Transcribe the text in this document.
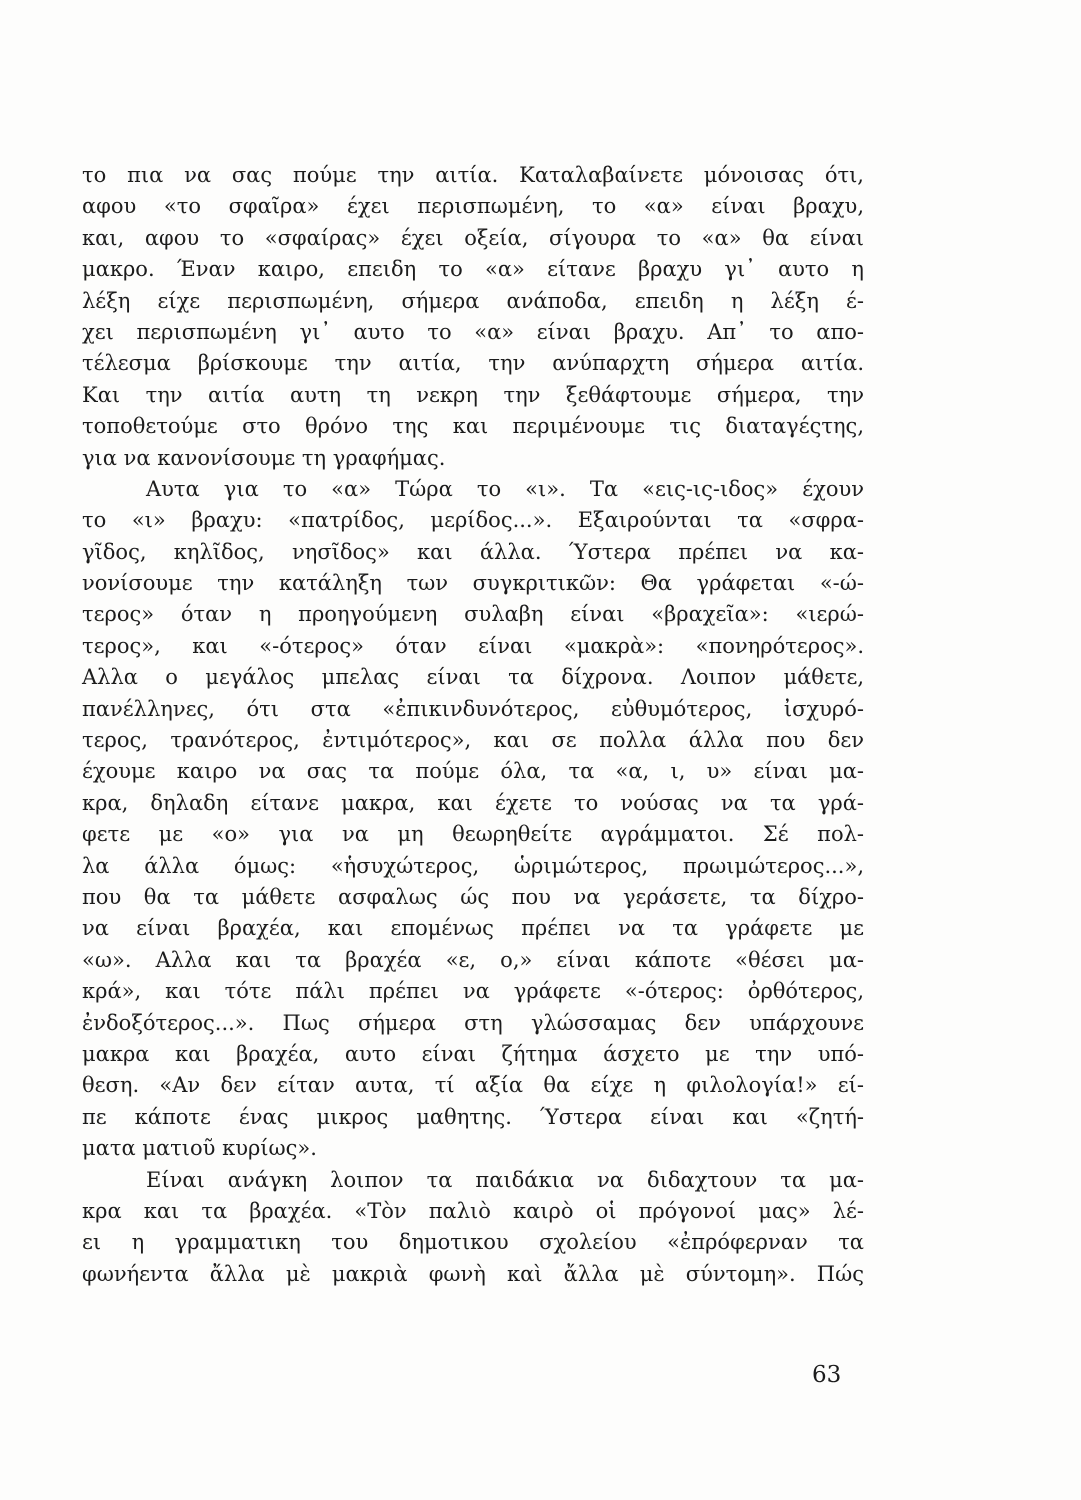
το πια να σας πούμε την αιτία. Καταλαβαίνετε μόνοισας ότι,
αφου «το σφαῖρα» έχει περισπωμένη, το «α» είναι βραχυ,
και, αφου το «σφαίρας» έχει οξεία, σίγουρα το «α» θα είναι
μακρο. Έναν καιρο, επειδη το «α» είτανε βραχυ γι᾿ αυτο η
λέξη είχε περισπωμένη, σήμερα ανάποδα, επειδη η λέξη έ-
χει περισπωμένη γι᾿ αυτο το «α» είναι βραχυ. Απ᾿ το απο-
τέλεσμα βρίσκουμε την αιτία, την ανύπαρχτη σήμερα αιτία.
Και την αιτία αυτη τη νεκρη την ξεθάφτουμε σήμερα, την
τοποθετούμε στο θρόνο της και περιμένουμε τις διαταγέςτης,
για να κανονίσουμε τη γραφήμας.
Αυτα για το «α» Τώρα το «ι». Τα «εις-ις-ιδος» έχουν
το «ι» βραχυ: «πατρίδος, μερίδος...». Εξαιρούνται τα «σφρα-
γῖδος, κηλῖδος, νησῖδος» και άλλα. Ύστερα πρέπει να κα-
νονίσουμε την κατάληξη των συγκριτικῶν: Θα γράφεται «-ώ-
τερος» όταν η προηγούμενη συλαβη είναι «βραχεῖα»: «ιερώ-
τερος», και «-ότερος» όταν είναι «μακρὰ»: «πονηρότερος».
Αλλα ο μεγάλος μπελας είναι τα δίχρονα. Λοιπον μάθετε,
πανέλληνες, ότι στα «ἐπικινδυνότερος, εὐθυμότερος, ἰσχυρό-
τερος, τρανότερος, ἐντιμότερος», και σε πολλα άλλα που δεν
έχουμε καιρο να σας τα πούμε όλα, τα «α, ι, υ» είναι μα-
κρα, δηλαδη είτανε μακρα, και έχετε το νούσας να τα γρά-
φετε με «ο» για να μη θεωρηθείτε αγράμματοι. Σέ πολ-
λα άλλα όμως: «ἡσυχώτερος, ὡριμώτερος, πρωιμώτερος...»,
που θα τα μάθετε ασφαλως ώς που να γεράσετε, τα δίχρο-
να είναι βραχέα, και επομένως πρέπει να τα γράφετε με
«ω». Αλλα και τα βραχέα «ε, ο,» είναι κάποτε «θέσει μα-
κρά», και τότε πάλι πρέπει να γράφετε «-ότερος: ὀρθότερος,
ἐνδοξότερος...». Πως σήμερα στη γλώσσαμας δεν υπάρχουνε
μακρα και βραχέα, αυτο είναι ζήτημα άσχετο με την υπό-
θεση. «Αν δεν είταν αυτα, τί αξία θα είχε η φιλολογία!» εί-
πε κάποτε ένας μικρος μαθητης. Ύστερα είναι και «ζητή-
ματα ματιοῦ κυρίως».
Είναι ανάγκη λοιπον τα παιδάκια να διδαχτουν τα μα-
κρα και τα βραχέα. «Τὸν παλιὸ καιρὸ οἱ πρόγονοί μας» λέ-
ει η γραμματικη του δημοτικου σχολείου «ἐπρόφερναν τα
φωνήεντα ἄλλα μὲ μακριὰ φωνὴ καὶ ἄλλα μὲ σύντομη». Πώς
63
